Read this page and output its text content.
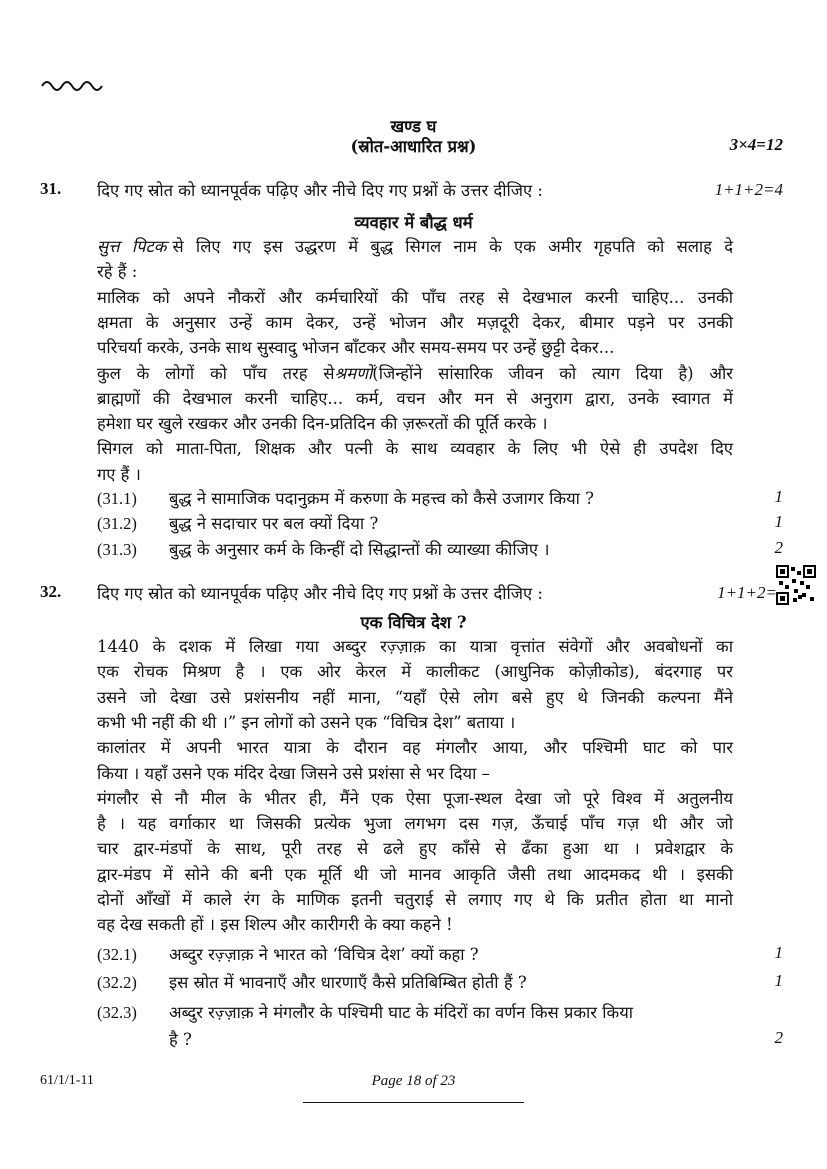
खण्ड घ
(स्रोत-आधारित प्रश्न)	3×4=12
31. दिए गए स्रोत को ध्यानपूर्वक पढ़िए और नीचे दिए गए प्रश्नों के उत्तर दीजिए :	1+1+2=4
व्यवहार में बौद्ध धर्म
सुत्त पिटक से लिए गए इस उद्धरण में बुद्ध सिगल नाम के एक अमीर गृहपति को सलाह दे
रहे हैं :
मालिक को अपने नौकरों और कर्मचारियों की पाँच तरह से देखभाल करनी चाहिए... उनकी
क्षमता के अनुसार उन्हें काम देकर, उन्हें भोजन और मज़दूरी देकर, बीमार पड़ने पर उनकी
परिचर्या करके, उनके साथ सुस्वादु भोजन बाँटकर और समय-समय पर उन्हें छुट्टी देकर...
कुल के लोगों को पाँच तरह सेश्रमणों(जिन्होंने सांसारिक जीवन को त्याग दिया है) और
ब्राह्मणों की देखभाल करनी चाहिए... कर्म, वचन और मन से अनुराग द्वारा, उनके स्वागत में
हमेशा घर खुले रखकर और उनकी दिन-प्रतिदिन की ज़रूरतों की पूर्ति करके ।
सिगल को माता-पिता, शिक्षक और पत्नी के साथ व्यवहार के लिए भी ऐसे ही उपदेश दिए
गए हैं ।
(31.1) बुद्ध ने सामाजिक पदानुक्रम में करुणा के महत्त्व को कैसे उजागर किया ?	1
(31.2) बुद्ध ने सदाचार पर बल क्यों दिया ?	1
(31.3) बुद्ध के अनुसार कर्म के किन्हीं दो सिद्धान्तों की व्याख्या कीजिए ।	2
32. दिए गए स्रोत को ध्यानपूर्वक पढ़िए और नीचे दिए गए प्रश्नों के उत्तर दीजिए :	1+1+2=
एक विचित्र देश ?
1440 के दशक में लिखा गया अब्दुर रज़्ज़ाक़ का यात्रा वृत्तांत संवेगों और अवबोधनों का
एक रोचक मिश्रण है । एक ओर केरल में कालीकट (आधुनिक कोज़ीकोड), बंदरगाह पर
उसने जो देखा उसे प्रशंसनीय नहीं माना, “यहाँ ऐसे लोग बसे हुए थे जिनकी कल्पना मैंने
कभी भी नहीं की थी ।” इन लोगों को उसने एक “विचित्र देश” बताया ।
कालांतर में अपनी भारत यात्रा के दौरान वह मंगलौर आया, और पश्चिमी घाट को पार
किया । यहाँ उसने एक मंदिर देखा जिसने उसे प्रशंसा से भर दिया –
मंगलौर से नौ मील के भीतर ही, मैंने एक ऐसा पूजा-स्थल देखा जो पूरे विश्व में अतुलनीय
है । यह वर्गाकार था जिसकी प्रत्येक भुजा लगभग दस गज़, ऊँचाई पाँच गज़ थी और जो
चार द्वार-मंडपों के साथ, पूरी तरह से ढले हुए काँसे से ढँका हुआ था । प्रवेशद्वार के
द्वार-मंडप में सोने की बनी एक मूर्ति थी जो मानव आकृति जैसी तथा आदमकद थी । इसकी
दोनों आँखों में काले रंग के माणिक इतनी चतुराई से लगाए गए थे कि प्रतीत होता था मानो
वह देख सकती हों । इस शिल्प और कारीगरी के क्या कहने !
(32.1) अब्दुर रज़्ज़ाक़ ने भारत को ‘विचित्र देश’ क्यों कहा ?	1
(32.2) इस स्रोत में भावनाएँ और धारणाएँ कैसे प्रतिबिम्बित होती हैं ?	1
(32.3) अब्दुर रज़्ज़ाक़ ने मंगलौर के पश्चिमी घाट के मंदिरों का वर्णन किस प्रकार किया
है ?	2
61/1/1-11	Page 18 of 23
